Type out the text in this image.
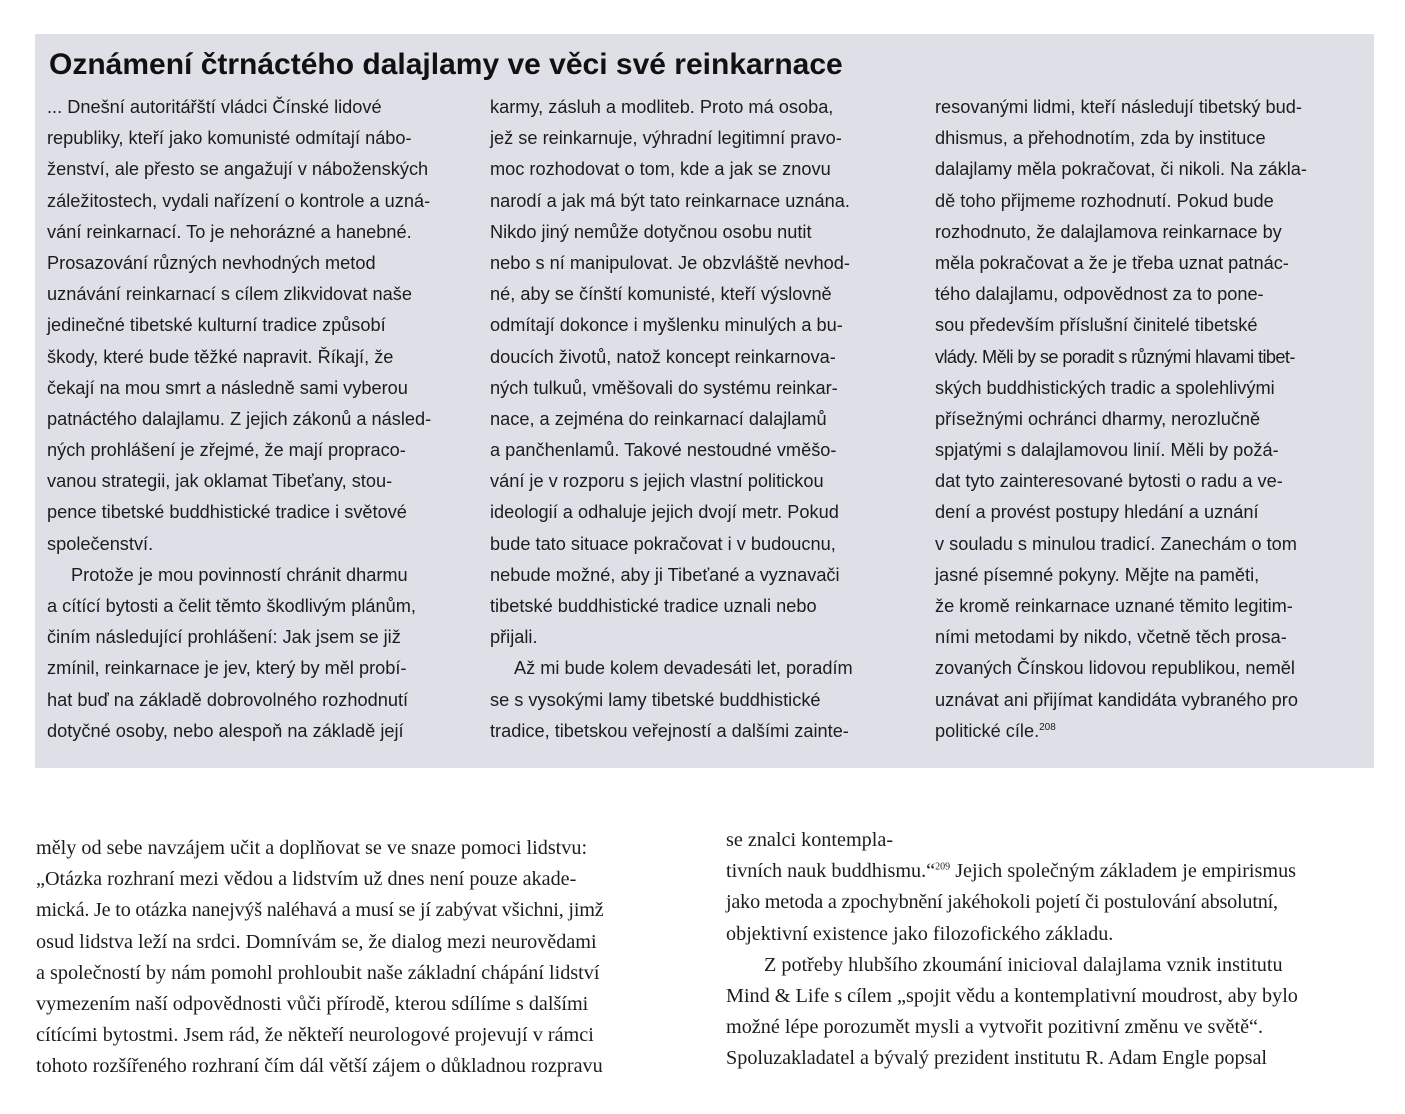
Oznámení čtrnáctého dalajlamy ve věci své reinkarnace
... Dnešní autoritářští vládci Čínské lidové
republiky, kteří jako komunisté odmítají nábo-
ženství, ale přesto se angažují v náboženských
záležitostech, vydali nařízení o kontrole a uzná-
vání reinkarnací. To je nehorázné a hanebné.
Prosazování různých nevhodných metod
uznávání reinkarnací s cílem zlikvidovat naše
jedinečné tibetské kulturní tradice způsobí
škody, které bude těžké napravit. Říkají, že
čekají na mou smrt a následně sami vyberou
patnáctého dalajlamu. Z jejich zákonů a násled-
ných prohlášení je zřejmé, že mají propraco-
vanou strategii, jak oklamat Tibeťany, stou-
pence tibetské buddhistické tradice i světové
společenství.
Protože je mou povinností chránit dharmu
a cítící bytosti a čelit těmto škodlivým plánům,
činím následující prohlášení: Jak jsem se již
zmínil, reinkarnace je jev, který by měl probí-
hat buď na základě dobrovolného rozhodnutí
dotyčné osoby, nebo alespoň na základě její
karmy, zásluh a modliteb. Proto má osoba,
jež se reinkarnuje, výhradní legitimní pravo-
moc rozhodovat o tom, kde a jak se znovu
narodí a jak má být tato reinkarnace uznána.
Nikdo jiný nemůže dotyčnou osobu nutit
nebo s ní manipulovat. Je obzvláště nevhod-
né, aby se čínští komunisté, kteří výslovně
odmítají dokonce i myšlenku minulých a bu-
doucích životů, natož koncept reinkarnova-
ných tulkuů, vměšovali do systému reinkar-
nace, a zejména do reinkarnací dalajlamů
a pančhenlamů. Takové nestoudné vměšo-
vání je v rozporu s jejich vlastní politickou
ideologií a odhaluje jejich dvojí metr. Pokud
bude tato situace pokračovat i v budoucnu,
nebude možné, aby ji Tibeťané a vyznavači
tibetské buddhistické tradice uznali nebo
přijali.
Až mi bude kolem devadesáti let, poradím
se s vysokými lamy tibetské buddhistické
tradice, tibetskou veřejností a dalšími zainte-
resovanými lidmi, kteří následují tibetský bud-
dhismus, a přehodnotím, zda by instituce
dalajlamy měla pokračovat, či nikoli. Na zákla-
dě toho přijmeme rozhodnutí. Pokud bude
rozhodnuto, že dalajlamova reinkarnace by
měla pokračovat a že je třeba uznat patnác-
tého dalajlamu, odpovědnost za to pone-
sou především příslušní činitelé tibetské
vlády. Měli by se poradit s různými hlavami tibet-
ských buddhistických tradic a spolehlivými
přísežnými ochránci dharmy, nerozlučně
spjatými s dalajlamovou linií. Měli by požá-
dat tyto zainteresované bytosti o radu a ve-
dení a provést postupy hledání a uznání
v souladu s minulou tradicí. Zanechám o tom
jasné písemné pokyny. Mějte na paměti,
že kromě reinkarnace uznané těmito legitim-
ními metodami by nikdo, včetně těch prosa-
zovaných Čínskou lidovou republikou, neměl
uznávat ani přijímat kandidáta vybraného pro
politické cíle.$^{208}$
měly od sebe navzájem učit a doplňovat se ve snaze pomoci lidstvu:
„Otázka rozhraní mezi vědou a lidstvím už dnes není pouze akade-
mická. Je to otázka nanejvýš naléhavá a musí se jí zabývat všichni, jimž
osud lidstva leží na srdci. Domnívám se, že dialog mezi neurovědami
a společností by nám pomohl prohloubit naše základní chápání lidství
vymezením naší odpovědnosti vůči přírodě, kterou sdílíme s dalšími
cítícími bytostmi. Jsem rád, že někteří neurologové projevují v rámci
tohoto rozšířeného rozhraní čím dál větší zájem o důkladnou rozpravu
se znalci kontempla-
tivních nauk buddhismu.“$^{209}$ Jejich společným základem je empirismus
jako metoda a zpochybnění jakéhokoli pojetí či postulování absolutní,
objektivní existence jako filozofického základu.
Z potřeby hlubšího zkoumání inicioval dalajlama vznik institutu
Mind & Life s cílem „spojit vědu a kontemplativní moudrost, aby bylo
možné lépe porozumět mysli a vytvořit pozitivní změnu ve světě“.
Spoluzakladatel a bývalý prezident institutu R. Adam Engle popsal
